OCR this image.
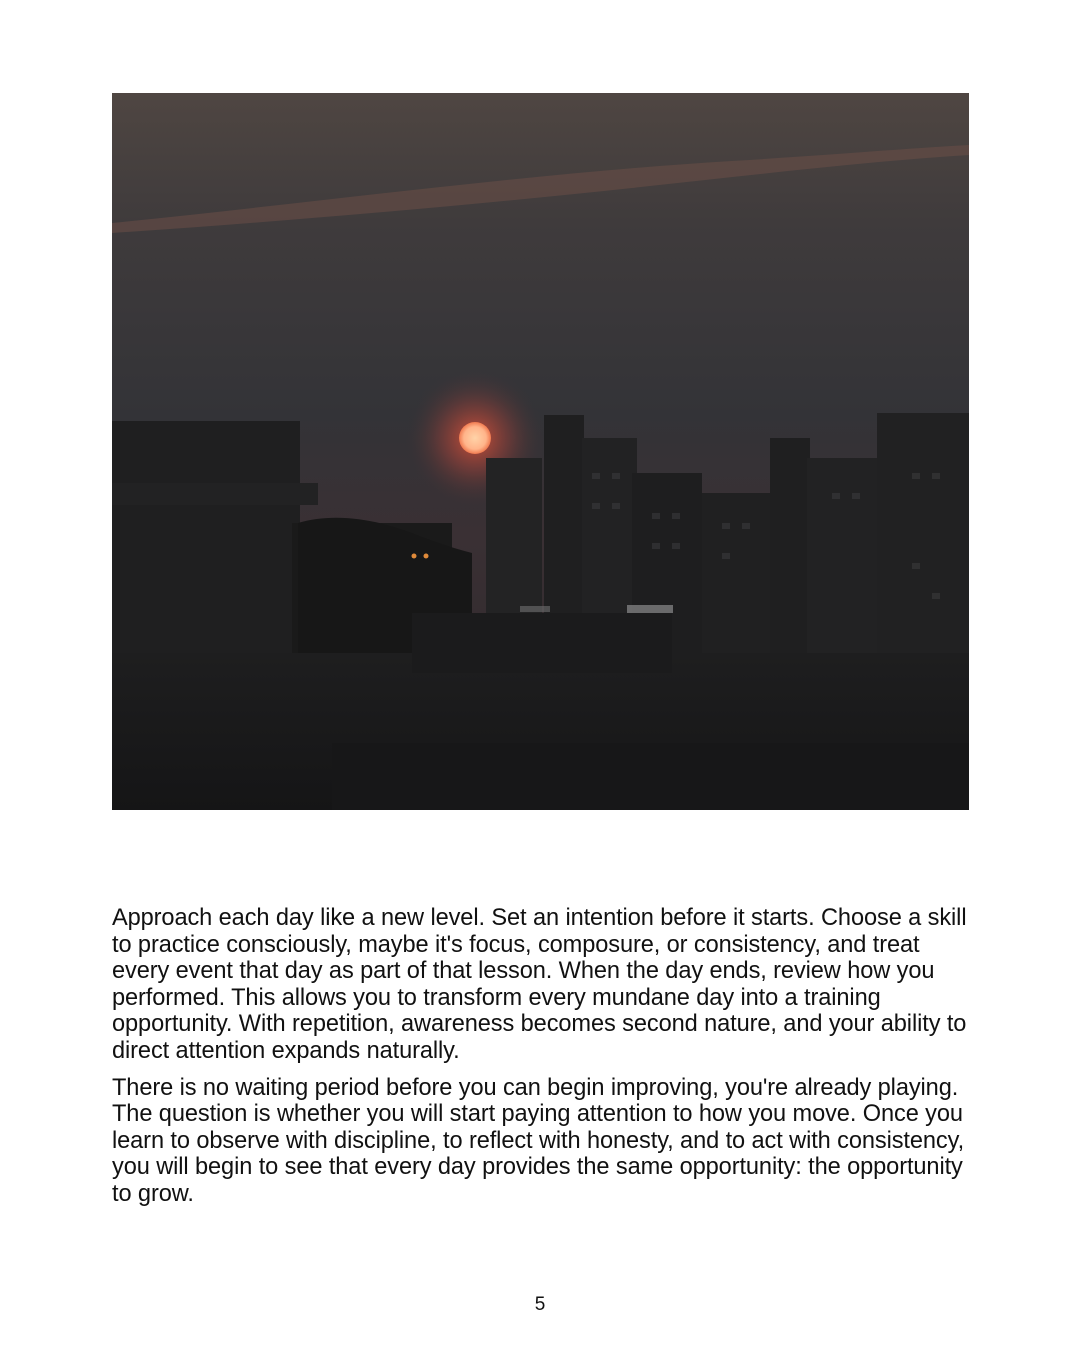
Approach each day like a new level. Set an intention before it starts. Choose a skill to practice consciously, maybe it's focus, composure, or consistency, and treat every event that day as part of that lesson. When the day ends, review how you performed. This allows you to transform every mundane day into a training opportunity. With repetition, awareness becomes second nature, and your ability to direct attention expands naturally.

There is no waiting period before you can begin improving, you're already playing. The question is whether you will start paying attention to how you move. Once you learn to observe with discipline, to reflect with honesty, and to act with consistency, you will begin to see that every day provides the same opportunity: the opportunity to grow.

5
